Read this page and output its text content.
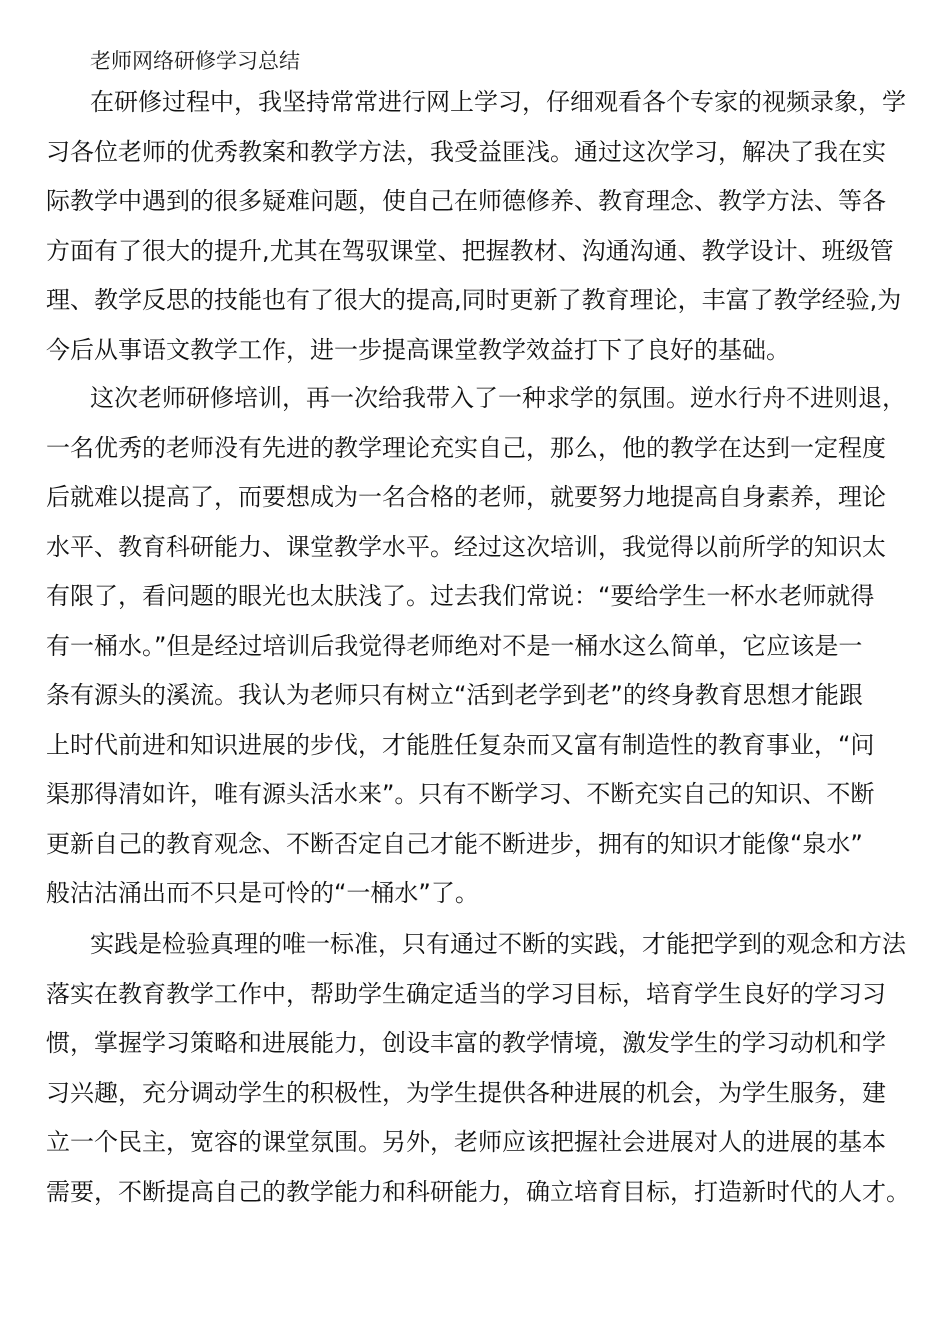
老师网络研修学习总结
在研修过程中，我坚持常常进行网上学习，仔细观看各个专家的视频录象，学
习各位老师的优秀教案和教学方法，我受益匪浅。通过这次学习，解决了我在实
际教学中遇到的很多疑难问题，使自己在师德修养、教育理念、教学方法、等各
方面有了很大的提升,尤其在驾驭课堂、把握教材、沟通沟通、教学设计、班级管
理、教学反思的技能也有了很大的提高,同时更新了教育理论，丰富了教学经验,为
今后从事语文教学工作，进一步提高课堂教学效益打下了良好的基础。
这次老师研修培训，再一次给我带入了一种求学的氛围。逆水行舟不进则退，
一名优秀的老师没有先进的教学理论充实自己，那么，他的教学在达到一定程度
后就难以提高了，而要想成为一名合格的老师，就要努力地提高自身素养，理论
水平、教育科研能力、课堂教学水平。经过这次培训，我觉得以前所学的知识太
有限了，看问题的眼光也太肤浅了。过去我们常说：“要给学生一杯水老师就得
有一桶水。”但是经过培训后我觉得老师绝对不是一桶水这么简单，它应该是一
条有源头的溪流。我认为老师只有树立“活到老学到老”的终身教育思想才能跟
上时代前进和知识进展的步伐，才能胜任复杂而又富有制造性的教育事业，“问
渠那得清如许，唯有源头活水来”。只有不断学习、不断充实自己的知识、不断
更新自己的教育观念、不断否定自己才能不断进步，拥有的知识才能像“泉水”
般沽沽涌出而不只是可怜的“一桶水”了。
实践是检验真理的唯一标准，只有通过不断的实践，才能把学到的观念和方法
落实在教育教学工作中，帮助学生确定适当的学习目标，培育学生良好的学习习
惯，掌握学习策略和进展能力，创设丰富的教学情境，激发学生的学习动机和学
习兴趣，充分调动学生的积极性，为学生提供各种进展的机会，为学生服务，建
立一个民主，宽容的课堂氛围。另外，老师应该把握社会进展对人的进展的基本
需要，不断提高自己的教学能力和科研能力，确立培育目标，打造新时代的人才。
